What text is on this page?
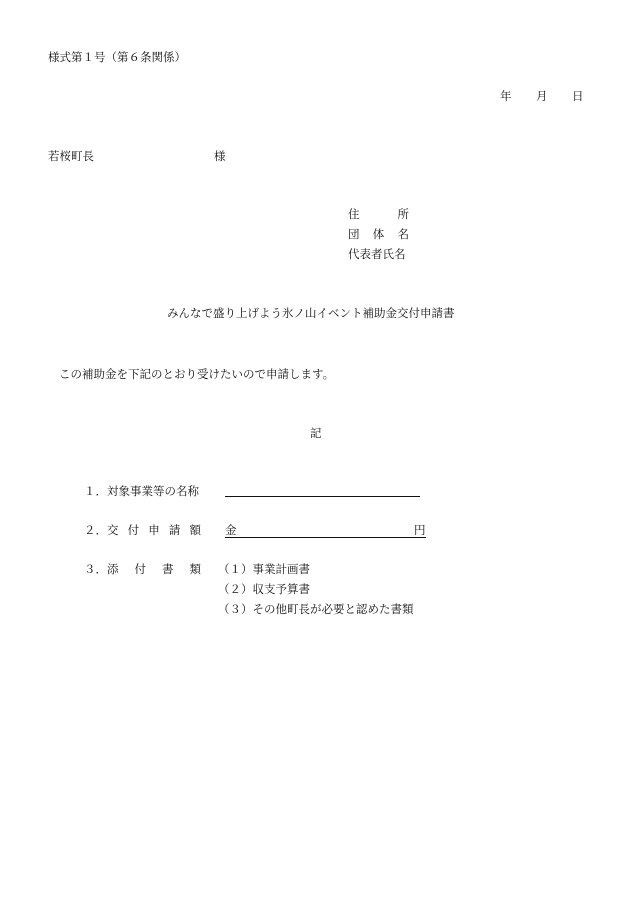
様式第１号（第６条関係）
年 月 日
若桜町長	様
住	所
団 体 名
代表者氏名
みんなで盛り上げよう氷ノ山イベント補助金交付申請書
この補助金を下記のとおり受けたいので申請します。
記
１． 対象事業等の名称
２． 交 付 申 請 額 金	円
３． 添 付 書 類 （１）事業計画書
（２）収支予算書
（３）その他町長が必要と認めた書類
